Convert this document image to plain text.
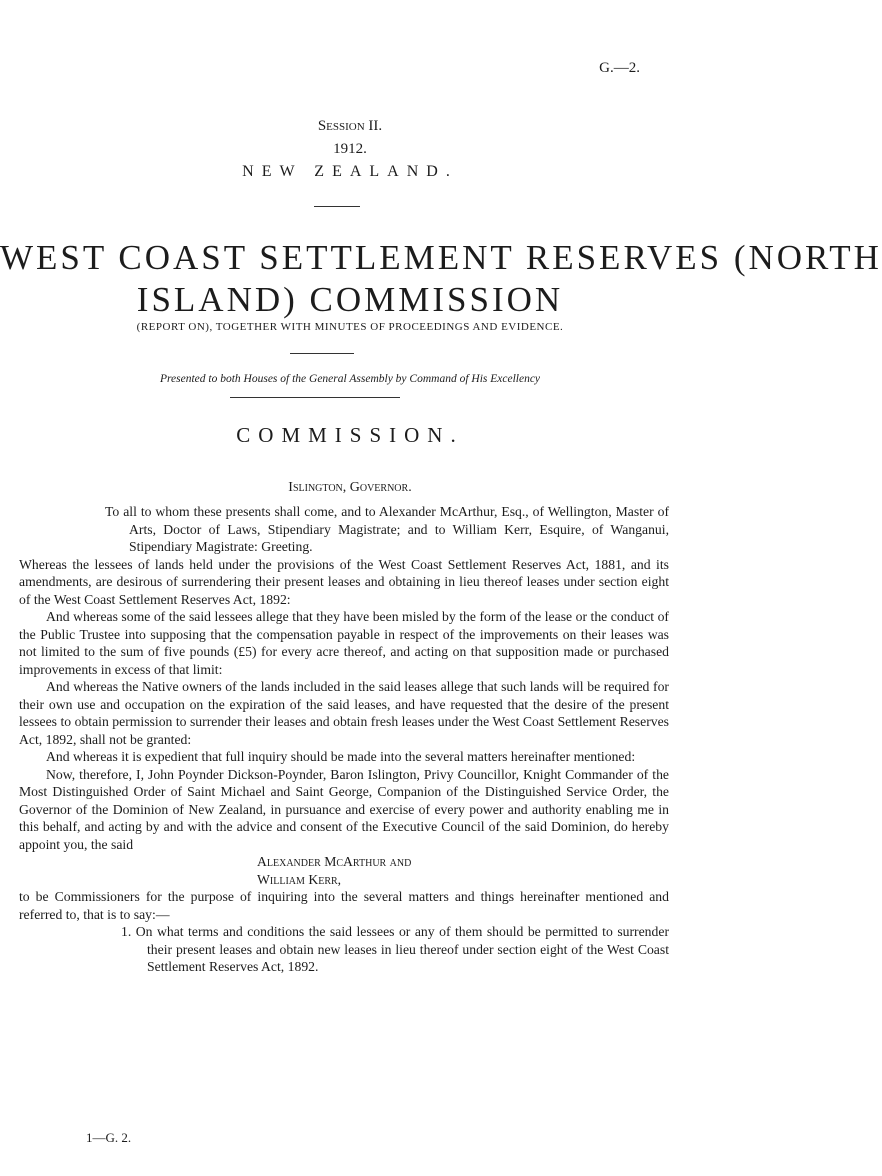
G.—2.
Session II.
1912.
NEW ZEALAND.
WEST COAST SETTLEMENT RESERVES (NORTH
ISLAND) COMMISSION
(REPORT ON), TOGETHER WITH MINUTES OF PROCEEDINGS AND EVIDENCE.
Presented to both Houses of the General Assembly by Command of His Excellency
COMMISSION.
Islington, Governor.

To all to whom these presents shall come, and to Alexander McArthur, Esq., of Wellington, Master of Arts, Doctor of Laws, Stipendiary Magistrate; and to William Kerr, Esquire, of Wanganui, Stipendiary Magistrate: Greeting.

Whereas the lessees of lands held under the provisions of the West Coast Settlement Reserves Act, 1881, and its amendments, are desirous of surrendering their present leases and obtaining in lieu thereof leases under section eight of the West Coast Settlement Reserves Act, 1892:

And whereas some of the said lessees allege that they have been misled by the form of the lease or the conduct of the Public Trustee into supposing that the compensation payable in respect of the improvements on their leases was not limited to the sum of five pounds (£5) for every acre thereof, and acting on that supposition made or purchased improvements in excess of that limit:

And whereas the Native owners of the lands included in the said leases allege that such lands will be required for their own use and occupation on the expiration of the said leases, and have requested that the desire of the present lessees to obtain permission to surrender their leases and obtain fresh leases under the West Coast Settlement Reserves Act, 1892, shall not be granted:

And whereas it is expedient that full inquiry should be made into the several matters hereinafter mentioned:

Now, therefore, I, John Poynder Dickson-Poynder, Baron Islington, Privy Councillor, Knight Commander of the Most Distinguished Order of Saint Michael and Saint George, Companion of the Distinguished Service Order, the Governor of the Dominion of New Zealand, in pursuance and exercise of every power and authority enabling me in this behalf, and acting by and with the advice and consent of the Executive Council of the said Dominion, do hereby appoint you, the said

Alexander McArthur and

William Kerr,

to be Commissioners for the purpose of inquiring into the several matters and things hereinafter mentioned and referred to, that is to say:—

1. On what terms and conditions the said lessees or any of them should be permitted to surrender their present leases and obtain new leases in lieu thereof under section eight of the West Coast Settlement Reserves Act, 1892.

1—G. 2.
